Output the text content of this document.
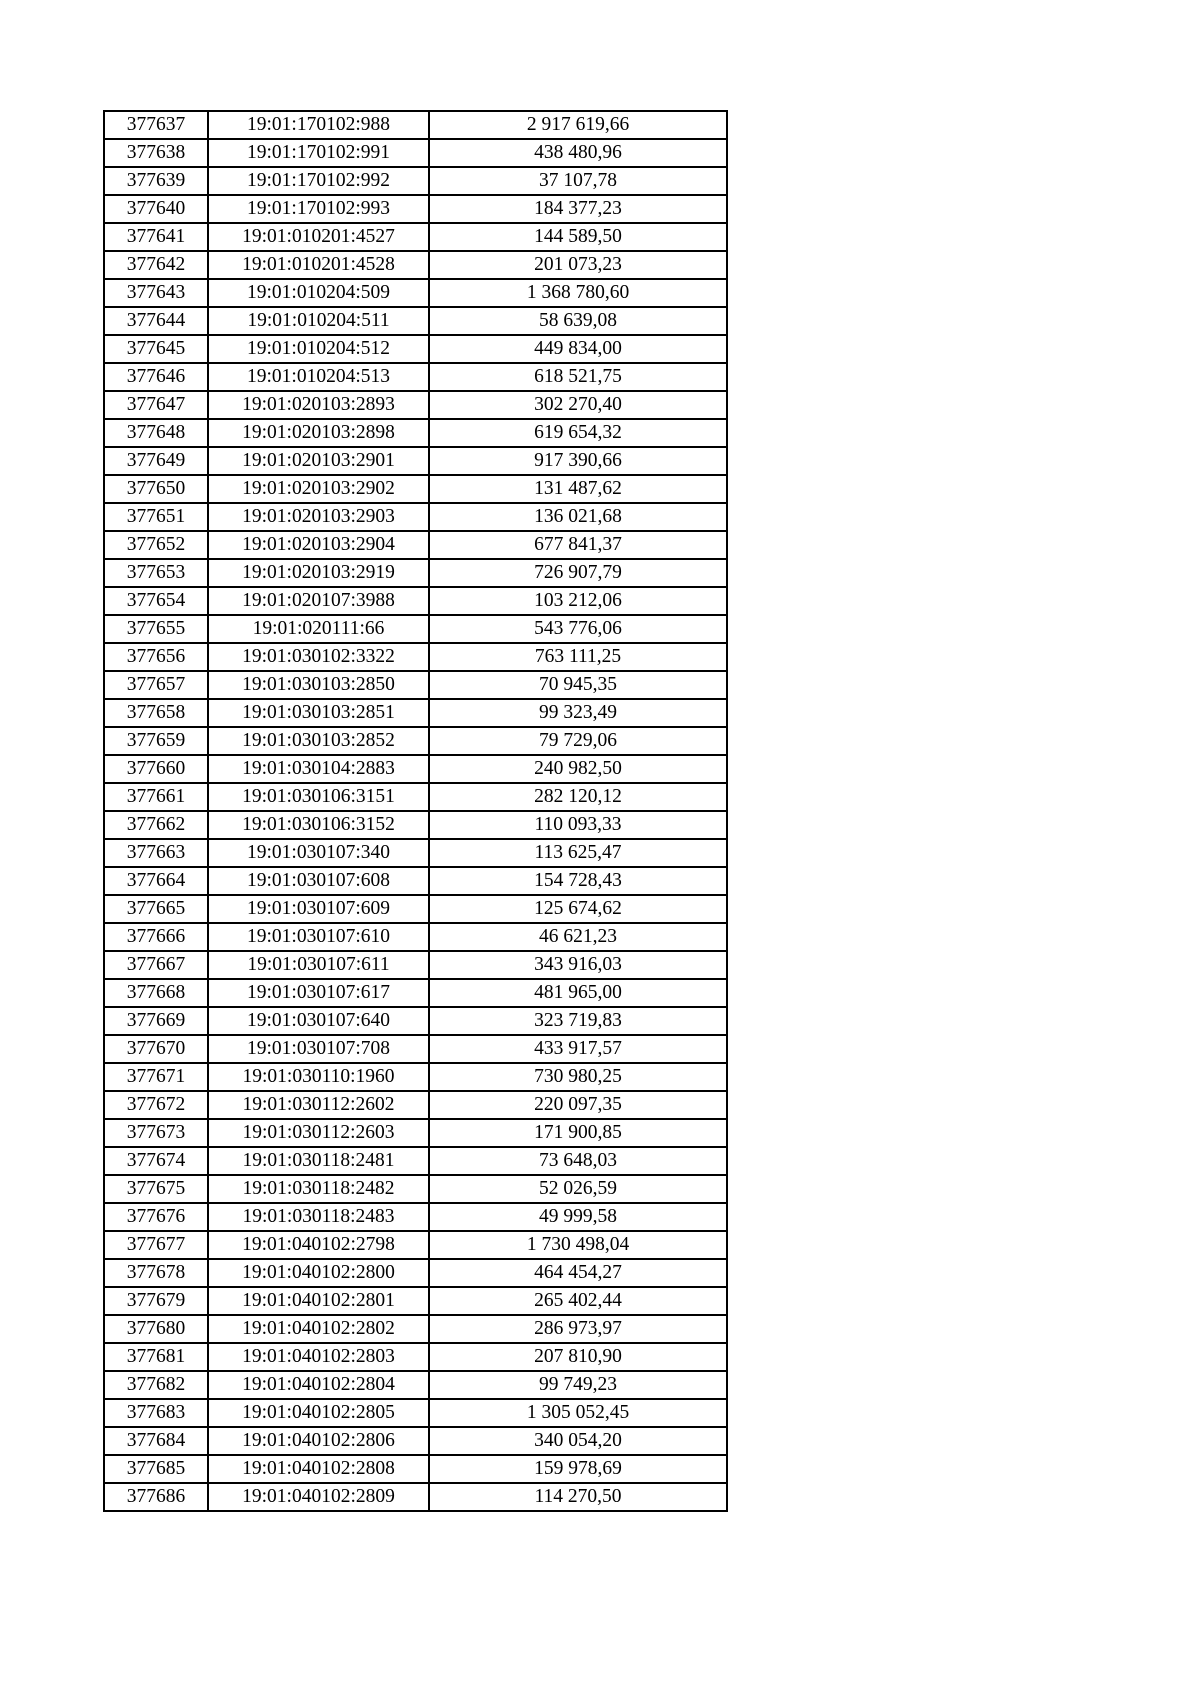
377637	19:01:170102:988	2 917 619,66
377638	19:01:170102:991	438 480,96
377639	19:01:170102:992	37 107,78
377640	19:01:170102:993	184 377,23
377641	19:01:010201:4527	144 589,50
377642	19:01:010201:4528	201 073,23
377643	19:01:010204:509	1 368 780,60
377644	19:01:010204:511	58 639,08
377645	19:01:010204:512	449 834,00
377646	19:01:010204:513	618 521,75
377647	19:01:020103:2893	302 270,40
377648	19:01:020103:2898	619 654,32
377649	19:01:020103:2901	917 390,66
377650	19:01:020103:2902	131 487,62
377651	19:01:020103:2903	136 021,68
377652	19:01:020103:2904	677 841,37
377653	19:01:020103:2919	726 907,79
377654	19:01:020107:3988	103 212,06
377655	19:01:020111:66	543 776,06
377656	19:01:030102:3322	763 111,25
377657	19:01:030103:2850	70 945,35
377658	19:01:030103:2851	99 323,49
377659	19:01:030103:2852	79 729,06
377660	19:01:030104:2883	240 982,50
377661	19:01:030106:3151	282 120,12
377662	19:01:030106:3152	110 093,33
377663	19:01:030107:340	113 625,47
377664	19:01:030107:608	154 728,43
377665	19:01:030107:609	125 674,62
377666	19:01:030107:610	46 621,23
377667	19:01:030107:611	343 916,03
377668	19:01:030107:617	481 965,00
377669	19:01:030107:640	323 719,83
377670	19:01:030107:708	433 917,57
377671	19:01:030110:1960	730 980,25
377672	19:01:030112:2602	220 097,35
377673	19:01:030112:2603	171 900,85
377674	19:01:030118:2481	73 648,03
377675	19:01:030118:2482	52 026,59
377676	19:01:030118:2483	49 999,58
377677	19:01:040102:2798	1 730 498,04
377678	19:01:040102:2800	464 454,27
377679	19:01:040102:2801	265 402,44
377680	19:01:040102:2802	286 973,97
377681	19:01:040102:2803	207 810,90
377682	19:01:040102:2804	99 749,23
377683	19:01:040102:2805	1 305 052,45
377684	19:01:040102:2806	340 054,20
377685	19:01:040102:2808	159 978,69
377686	19:01:040102:2809	114 270,50
